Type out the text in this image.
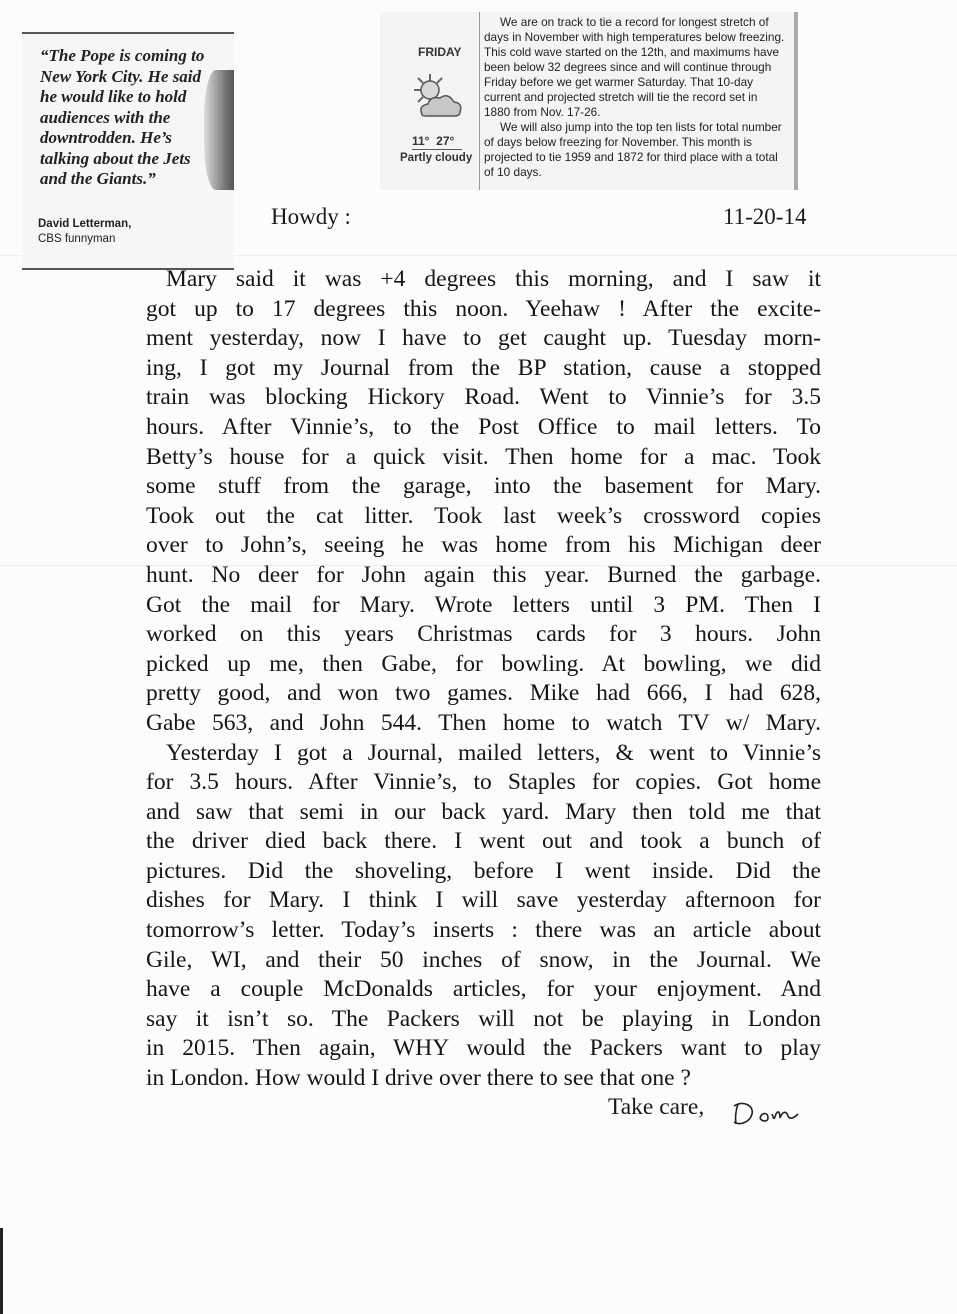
“The Pope is coming to New York City. He said he would like to hold audiences with the downtrodden. He’s talking about the Jets and the Giants.”
David Letterman,
CBS funnyman
FRIDAY
11° 27°
Partly cloudy

We are on track to tie a record for longest stretch of days in November with high temperatures below freezing. This cold wave started on the 12th, and maximums have been below 32 degrees since and will continue through Friday before we get warmer Saturday. That 10-day current and projected stretch will tie the record set in 1880 from Nov. 17-26.

We will also jump into the top ten lists for total number of days below freezing for November. This month is projected to tie 1959 and 1872 for third place with a total of 10 days.

Howdy :	11-20-14
Mary said it was +4 degrees this morning, and I saw it
got up to 17 degrees this noon. Yeehaw ! After the excite-
ment yesterday, now I have to get caught up. Tuesday morn-
ing, I got my Journal from the BP station, cause a stopped
train was blocking Hickory Road. Went to Vinnie’s for 3.5
hours. After Vinnie’s, to the Post Office to mail letters. To
Betty’s house for a quick visit. Then home for a mac. Took
some stuff from the garage, into the basement for Mary.
Took out the cat litter. Took last week’s crossword copies
over to John’s, seeing he was home from his Michigan deer
hunt. No deer for John again this year. Burned the garbage.
Got the mail for Mary. Wrote letters until 3 PM. Then I
worked on this years Christmas cards for 3 hours. John
picked up me, then Gabe, for bowling. At bowling, we did
pretty good, and won two games. Mike had 666, I had 628,
Gabe 563, and John 544. Then home to watch TV w/ Mary.
Yesterday I got a Journal, mailed letters, & went to Vinnie’s
for 3.5 hours. After Vinnie’s, to Staples for copies. Got home
and saw that semi in our back yard. Mary then told me that
the driver died back there. I went out and took a bunch of
pictures. Did the shoveling, before I went inside. Did the
dishes for Mary. I think I will save yesterday afternoon for
tomorrow’s letter. Today’s inserts : there was an article about
Gile, WI, and their 50 inches of snow, in the Journal. We
have a couple McDonalds articles, for your enjoyment. And
say it isn’t so. The Packers will not be playing in London
in 2015. Then again, WHY would the Packers want to play
in London. How would I drive over there to see that one ?
Take care,
